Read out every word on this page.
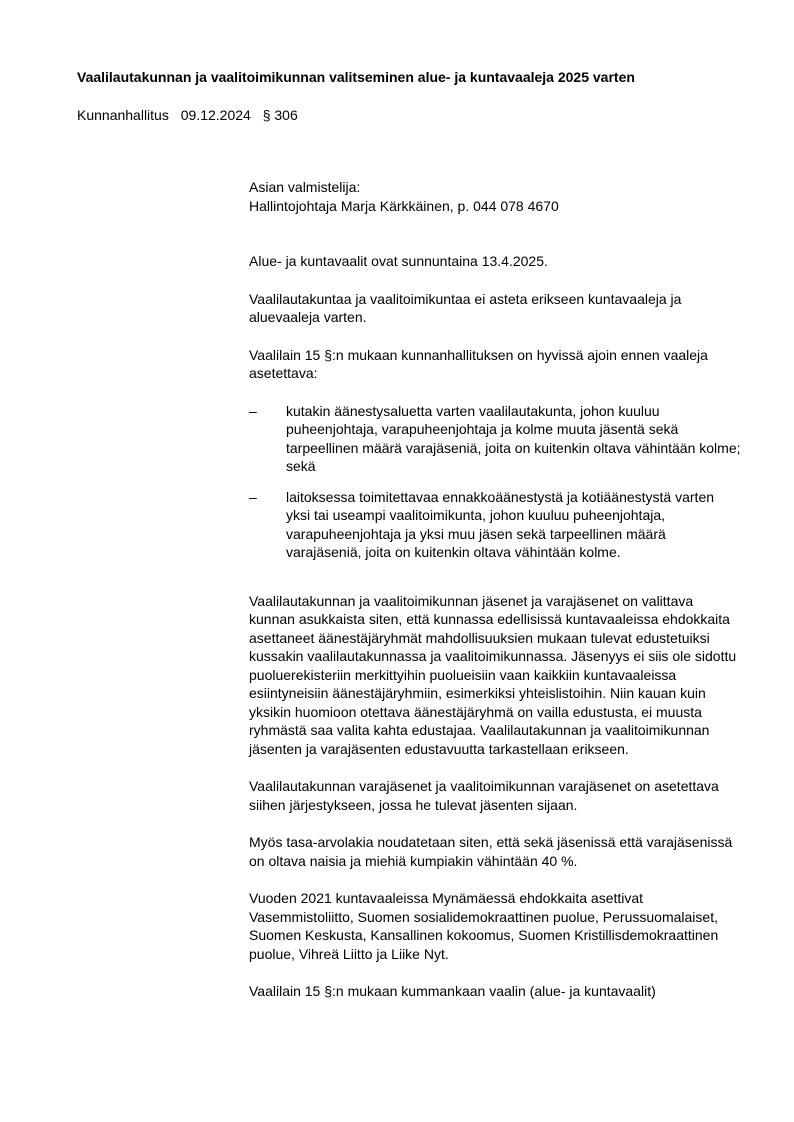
Vaalilautakunnan ja vaalitoimikunnan valitseminen alue- ja kuntavaaleja 2025 varten
Kunnanhallitus 09.12.2024 § 306

Asian valmistelija:
Hallintojohtaja Marja Kärkkäinen, p. 044 078 4670

Alue- ja kuntavaalit ovat sunnuntaina 13.4.2025.

Vaalilautakuntaa ja vaalitoimikuntaa ei asteta erikseen kuntavaaleja ja aluevaaleja varten.

Vaalilain 15 §:n mukaan kunnanhallituksen on hyvissä ajoin ennen vaaleja asetettava:

– kutakin äänestysaluetta varten vaalilautakunta, johon kuuluu puheenjohtaja, varapuheenjohtaja ja kolme muuta jäsentä sekä tarpeellinen määrä varajäseniä, joita on kuitenkin oltava vähintään kolme; sekä
– laitoksessa toimitettavaa ennakkoäänestystä ja kotiäänestystä varten yksi tai useampi vaalitoimikunta, johon kuuluu puheenjohtaja, varapuheenjohtaja ja yksi muu jäsen sekä tarpeellinen määrä varajäseniä, joita on kuitenkin oltava vähintään kolme.

Vaalilautakunnan ja vaalitoimikunnan jäsenet ja varajäsenet on valittava kunnan asukkaista siten, että kunnassa edellisissä kuntavaaleissa ehdokkaita asettaneet äänestäjäryhmät mahdollisuuksien mukaan tulevat edustetuiksi kussakin vaalilautakunnassa ja vaalitoimikunnassa. Jäsenyys ei siis ole sidottu puoluerekisteriin merkittyihin puolueisiin vaan kaikkiin kuntavaaleissa esiintyneisiin äänestäjäryhmiin, esimerkiksi yhteislistoihin. Niin kauan kuin yksikin huomioon otettava äänestäjäryhmä on vailla edustusta, ei muusta ryhmästä saa valita kahta edustajaa. Vaalilautakunnan ja vaalitoimikunnan jäsenten ja varajäsenten edustavuutta tarkastellaan erikseen.

Vaalilautakunnan varajäsenet ja vaalitoimikunnan varajäsenet on asetettava siihen järjestykseen, jossa he tulevat jäsenten sijaan.

Myös tasa-arvolakia noudatetaan siten, että sekä jäsenissä että varajäsenissä on oltava naisia ja miehiä kumpiakin vähintään 40 %.

Vuoden 2021 kuntavaaleissa Mynämäessä ehdokkaita asettivat Vasemmistoliitto, Suomen sosialidemokraattinen puolue, Perussuomalaiset, Suomen Keskusta, Kansallinen kokoomus, Suomen Kristillisdemokraattinen puolue, Vihreä Liitto ja Liike Nyt.

Vaalilain 15 §:n mukaan kummankaan vaalin (alue- ja kuntavaalit)
